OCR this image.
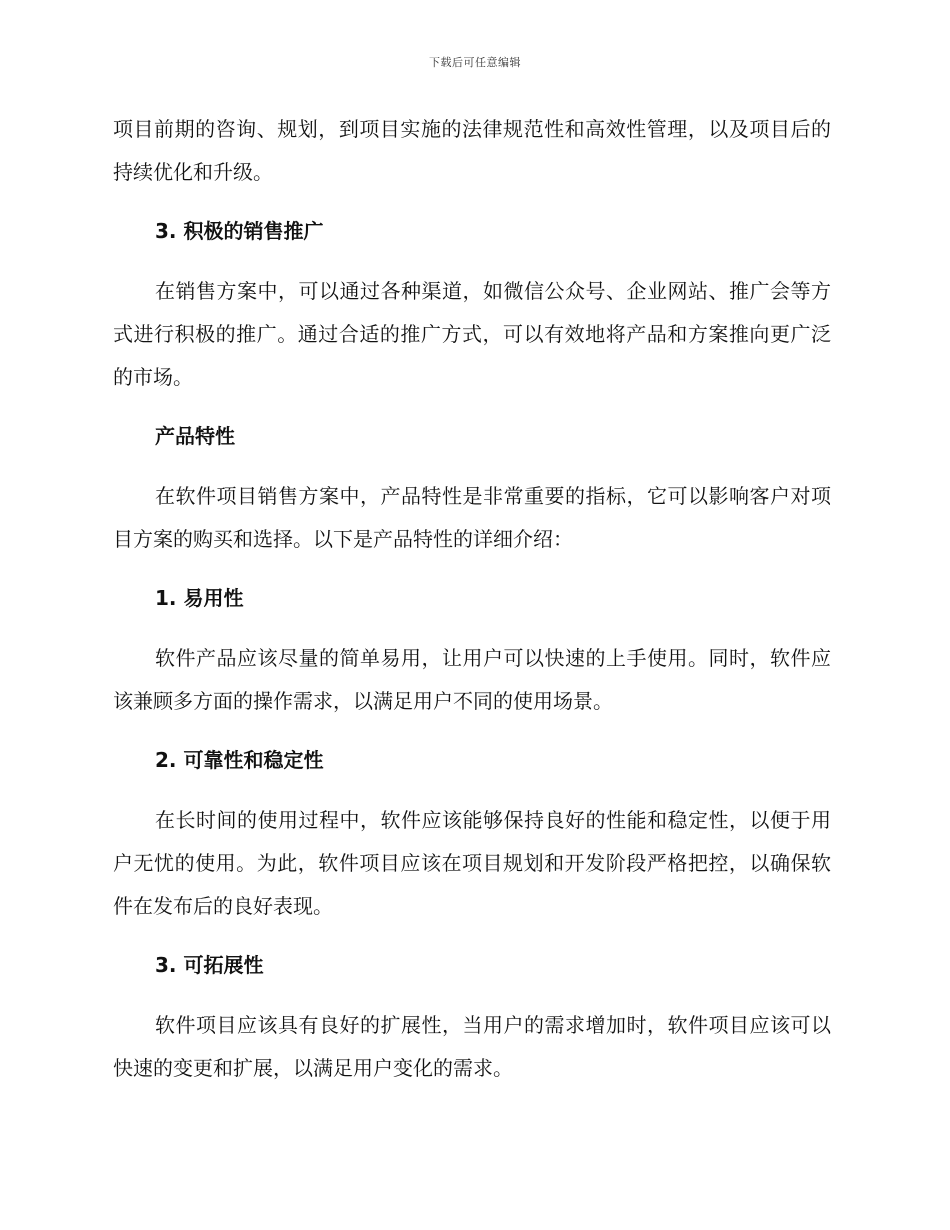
下载后可任意编辑

项目前期的咨询、规划，到项目实施的法律规范性和高效性管理，以及项目后的持续优化和升级。

3. 积极的销售推广

在销售方案中，可以通过各种渠道，如微信公众号、企业网站、推广会等方式进行积极的推广。通过合适的推广方式，可以有效地将产品和方案推向更广泛的市场。

产品特性

在软件项目销售方案中，产品特性是非常重要的指标，它可以影响客户对项目方案的购买和选择。以下是产品特性的详细介绍：

1. 易用性

软件产品应该尽量的简单易用，让用户可以快速的上手使用。同时，软件应该兼顾多方面的操作需求，以满足用户不同的使用场景。

2. 可靠性和稳定性

在长时间的使用过程中，软件应该能够保持良好的性能和稳定性，以便于用户无忧的使用。为此，软件项目应该在项目规划和开发阶段严格把控，以确保软件在发布后的良好表现。

3. 可拓展性

软件项目应该具有良好的扩展性，当用户的需求增加时，软件项目应该可以快速的变更和扩展，以满足用户变化的需求。
